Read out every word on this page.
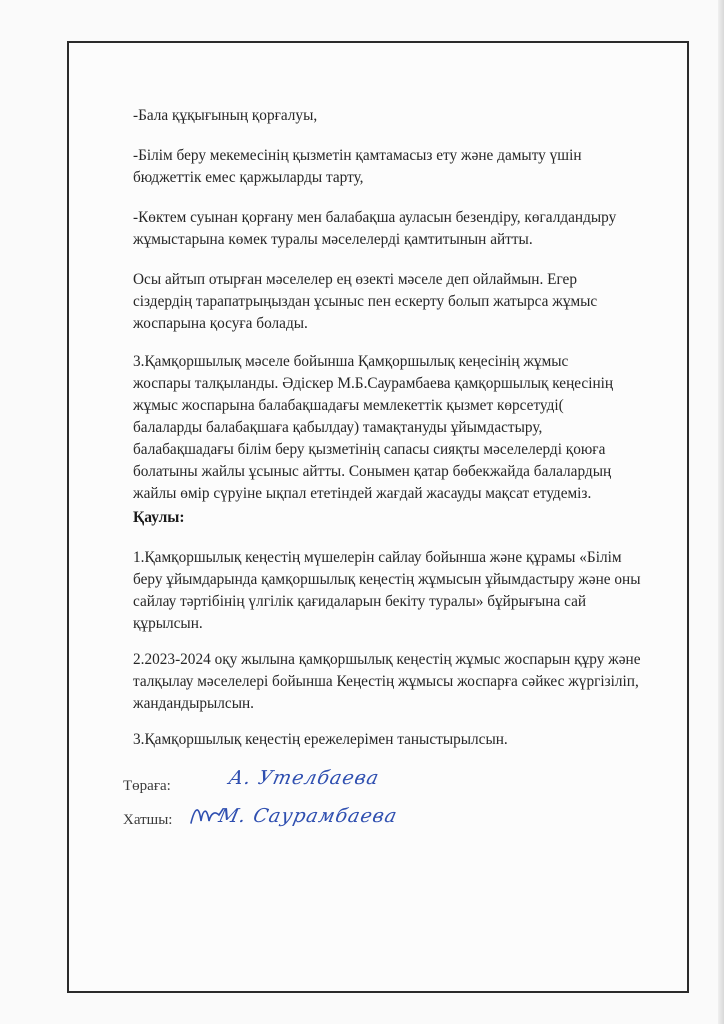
-Бала құқығының қорғалуы,

-Білім беру мекемесінің қызметін қамтамасыз ету және дамыту үшін
бюджеттік емес қаржыларды тарту,

-Көктем суынан қорғану мен балабақша ауласын безендіру, көгалдандыру
жұмыстарына көмек туралы мәселелерді қамтитынын айтты.

Осы айтып отырған мәселелер ең өзекті мәселе деп ойлаймын. Егер
сіздердің тарапатрыңыздан ұсыныс пен ескерту болып жатырса жұмыс
жоспарына қосуға болады.

3.Қамқоршылық мәселе бойынша Қамқоршылық кеңесінің жұмыс
жоспары талқыланды. Әдіскер М.Б.Саурамбаева қамқоршылық кеңесінің
жұмыс жоспарына балабақшадағы мемлекеттік қызмет көрсетуді(
балаларды балабақшаға қабылдау) тамақтануды ұйымдастыру,
балабақшадағы білім беру қызметінің сапасы сияқты мәселелерді қоюға
болатыны жайлы ұсыныс айтты. Сонымен қатар бөбекжайда балалардың
жайлы өмір сүруіне ықпал ететіндей жағдай жасауды мақсат етудеміз.

Қаулы:

1.Қамқоршылық кеңестің мүшелерін сайлау бойынша және құрамы «Білім
беру ұйымдарында қамқоршылық кеңестің жұмысын ұйымдастыру және оны
сайлау тәртібінің үлгілік қағидаларын бекіту туралы» бұйрығына сай
құрылсын.

2.2023-2024 оқу жылына қамқоршылық кеңестің жұмыс жоспарын құру және
талқылау мәселелері бойынша Кеңестің жұмысы жоспарға сәйкес жүргізіліп,
жандандырылсын.

3.Қамқоршылық кеңестің ережелерімен таныстырылсын.

Төрағa:	А. Утелбаева
Хатшы: М. Саурамбаева
